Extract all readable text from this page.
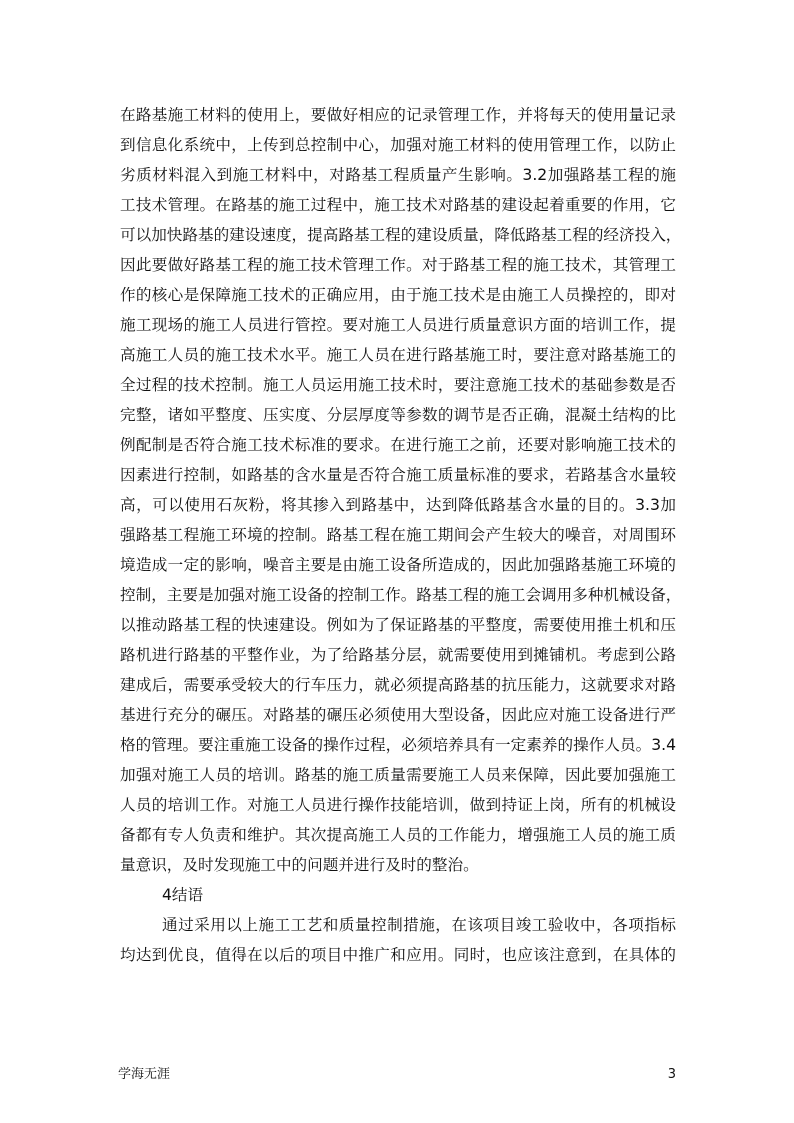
在路基施工材料的使用上，要做好相应的记录管理工作，并将每天的使用量记录
到信息化系统中，上传到总控制中心，加强对施工材料的使用管理工作，以防止
劣质材料混入到施工材料中，对路基工程质量产生影响。3.2加强路基工程的施
工技术管理。在路基的施工过程中，施工技术对路基的建设起着重要的作用，它
可以加快路基的建设速度，提高路基工程的建设质量，降低路基工程的经济投入，
因此要做好路基工程的施工技术管理工作。对于路基工程的施工技术，其管理工
作的核心是保障施工技术的正确应用，由于施工技术是由施工人员操控的，即对
施工现场的施工人员进行管控。要对施工人员进行质量意识方面的培训工作，提
高施工人员的施工技术水平。施工人员在进行路基施工时，要注意对路基施工的
全过程的技术控制。施工人员运用施工技术时，要注意施工技术的基础参数是否
完整，诸如平整度、压实度、分层厚度等参数的调节是否正确，混凝土结构的比
例配制是否符合施工技术标准的要求。在进行施工之前，还要对影响施工技术的
因素进行控制，如路基的含水量是否符合施工质量标准的要求，若路基含水量较
高，可以使用石灰粉，将其掺入到路基中，达到降低路基含水量的目的。3.3加
强路基工程施工环境的控制。路基工程在施工期间会产生较大的噪音，对周围环
境造成一定的影响，噪音主要是由施工设备所造成的，因此加强路基施工环境的
控制，主要是加强对施工设备的控制工作。路基工程的施工会调用多种机械设备，
以推动路基工程的快速建设。例如为了保证路基的平整度，需要使用推土机和压
路机进行路基的平整作业，为了给路基分层，就需要使用到摊铺机。考虑到公路
建成后，需要承受较大的行车压力，就必须提高路基的抗压能力，这就要求对路
基进行充分的碾压。对路基的碾压必须使用大型设备，因此应对施工设备进行严
格的管理。要注重施工设备的操作过程，必须培养具有一定素养的操作人员。3.4
加强对施工人员的培训。路基的施工质量需要施工人员来保障，因此要加强施工
人员的培训工作。对施工人员进行操作技能培训，做到持证上岗，所有的机械设
备都有专人负责和维护。其次提高施工人员的工作能力，增强施工人员的施工质
量意识，及时发现施工中的问题并进行及时的整治。
4结语
通过采用以上施工工艺和质量控制措施，在该项目竣工验收中，各项指标
均达到优良，值得在以后的项目中推广和应用。同时，也应该注意到，在具体的
学海无涯	3
